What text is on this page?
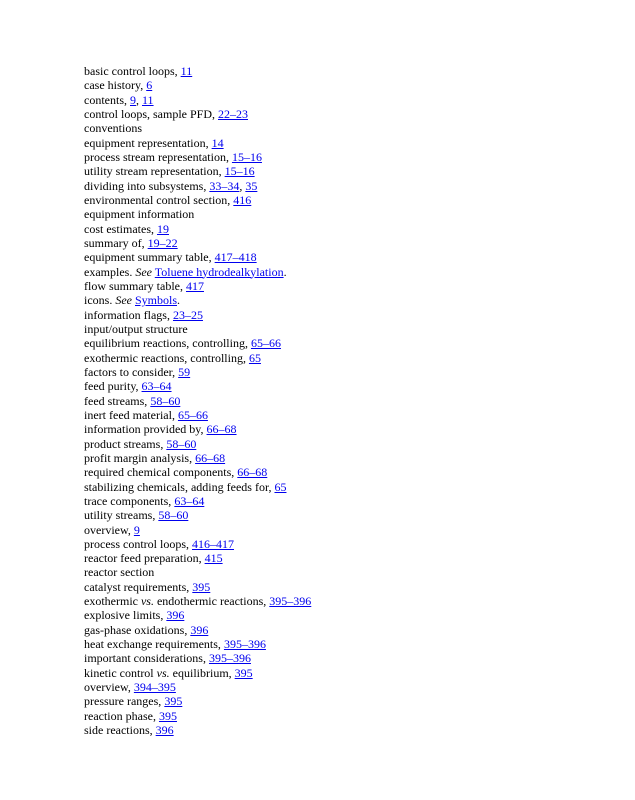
basic control loops, 11
case history, 6
contents, 9, 11
control loops, sample PFD, 22–23
conventions
equipment representation, 14
process stream representation, 15–16
utility stream representation, 15–16
dividing into subsystems, 33–34, 35
environmental control section, 416
equipment information
cost estimates, 19
summary of, 19–22
equipment summary table, 417–418
examples. See Toluene hydrodealkylation.
flow summary table, 417
icons. See Symbols.
information flags, 23–25
input/output structure
equilibrium reactions, controlling, 65–66
exothermic reactions, controlling, 65
factors to consider, 59
feed purity, 63–64
feed streams, 58–60
inert feed material, 65–66
information provided by, 66–68
product streams, 58–60
profit margin analysis, 66–68
required chemical components, 66–68
stabilizing chemicals, adding feeds for, 65
trace components, 63–64
utility streams, 58–60
overview, 9
process control loops, 416–417
reactor feed preparation, 415
reactor section
catalyst requirements, 395
exothermic vs. endothermic reactions, 395–396
explosive limits, 396
gas-phase oxidations, 396
heat exchange requirements, 395–396
important considerations, 395–396
kinetic control vs. equilibrium, 395
overview, 394–395
pressure ranges, 395
reaction phase, 395
side reactions, 396
